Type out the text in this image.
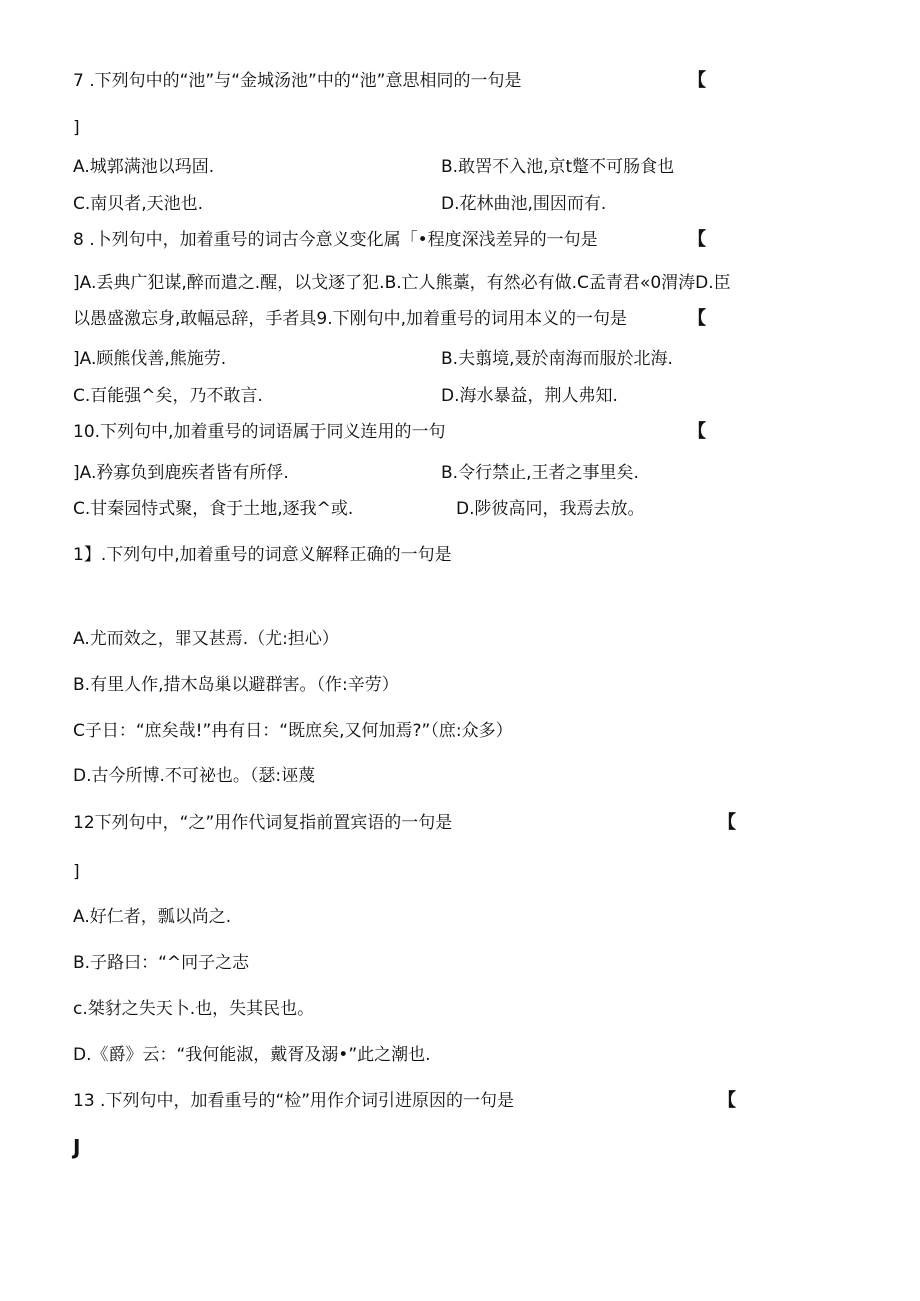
7 .下列句中的“池”与“金城汤池”中的“池”意思相同的一句是	【
]
A.城郭满池以玛固.	B.敢罟不入池,京t蹩不可肠食也
C.南贝者,天池也.	D.花林曲池,围因而有.
8 .卜列句中，加着重号的词古今意义变化属「•程度深浅差异的一句是	【
]A.丢典广犯谋,醉而遣之.醒，以戈逐了犯.B.亡人熊藁，有然必有做.C孟青君«0渭涛D.臣
以愚盛激忘身,敢幅忌辞，手者具9.下刚句中,加着重号的词用本义的一句是	【
]A.顾熊伐善,熊施劳.	B.夫翦境,聂於南海而服於北海.
C.百能强^矣，乃不敢言.	D.海水暴益，荆人弗知.
10.下列句中,加着重号的词语属于同义连用的一句	【
]A.矜寡负到鹿疾者皆有所俘.	B.令行禁止,王者之事里矣.
C.甘秦园恃式聚，食于土地,逐我^或.	D.陟彼高冋，我焉去放。
1】.下列句中,加着重号的词意义解释正确的一句是
A.尤而效之，罪又甚焉.（尤:担心）
B.有里人作,措木岛巢以避群害。（作:辛劳）
C子日：“庶矣哉!”冉有日：“既庶矣,又何加焉?”（庶:众多）
D.古今所博.不可祕也。（瑟:诬蔑
12下列句中，“之”用作代词复指前置宾语的一句是	【
]
A.好仁者，瓢以尚之.
B.子路曰：“^冋子之志
c.桀豺之失天卜.也，失其民也。
D.《爵》云：“我何能淑，戴胥及溺•”此之潮也.
13 .下列句中，加看重号的“检”用作介词引进原因的一句是	【
J
